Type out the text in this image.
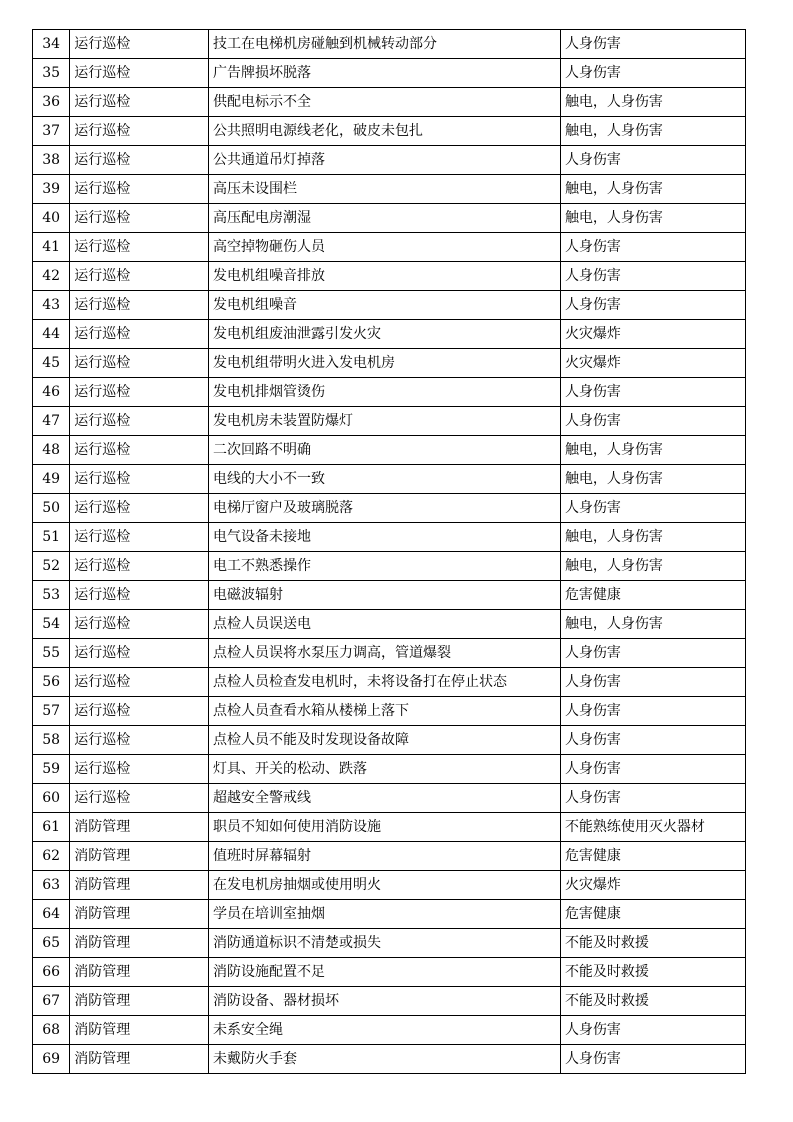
34	运行巡检	技工在电梯机房碰触到机械转动部分	人身伤害
35	运行巡检	广告牌损坏脱落	人身伤害
36	运行巡检	供配电标示不全	触电，人身伤害
37	运行巡检	公共照明电源线老化，破皮未包扎	触电，人身伤害
38	运行巡检	公共通道吊灯掉落	人身伤害
39	运行巡检	高压未设围栏	触电，人身伤害
40	运行巡检	高压配电房潮湿	触电，人身伤害
41	运行巡检	高空掉物砸伤人员	人身伤害
42	运行巡检	发电机组噪音排放	人身伤害
43	运行巡检	发电机组噪音	人身伤害
44	运行巡检	发电机组废油泄露引发火灾	火灾爆炸
45	运行巡检	发电机组带明火进入发电机房	火灾爆炸
46	运行巡检	发电机排烟管烫伤	人身伤害
47	运行巡检	发电机房未装置防爆灯	人身伤害
48	运行巡检	二次回路不明确	触电，人身伤害
49	运行巡检	电线的大小不一致	触电，人身伤害
50	运行巡检	电梯厅窗户及玻璃脱落	人身伤害
51	运行巡检	电气设备未接地	触电，人身伤害
52	运行巡检	电工不熟悉操作	触电，人身伤害
53	运行巡检	电磁波辐射	危害健康
54	运行巡检	点检人员误送电	触电，人身伤害
55	运行巡检	点检人员误将水泵压力调高，管道爆裂	人身伤害
56	运行巡检	点检人员检查发电机时，未将设备打在停止状态	人身伤害
57	运行巡检	点检人员查看水箱从楼梯上落下	人身伤害
58	运行巡检	点检人员不能及时发现设备故障	人身伤害
59	运行巡检	灯具、开关的松动、跌落	人身伤害
60	运行巡检	超越安全警戒线	人身伤害
61	消防管理	职员不知如何使用消防设施	不能熟练使用灭火器材
62	消防管理	值班时屏幕辐射	危害健康
63	消防管理	在发电机房抽烟或使用明火	火灾爆炸
64	消防管理	学员在培训室抽烟	危害健康
65	消防管理	消防通道标识不清楚或损失	不能及时救援
66	消防管理	消防设施配置不足	不能及时救援
67	消防管理	消防设备、器材损坏	不能及时救援
68	消防管理	未系安全绳	人身伤害
69	消防管理	未戴防火手套	人身伤害
